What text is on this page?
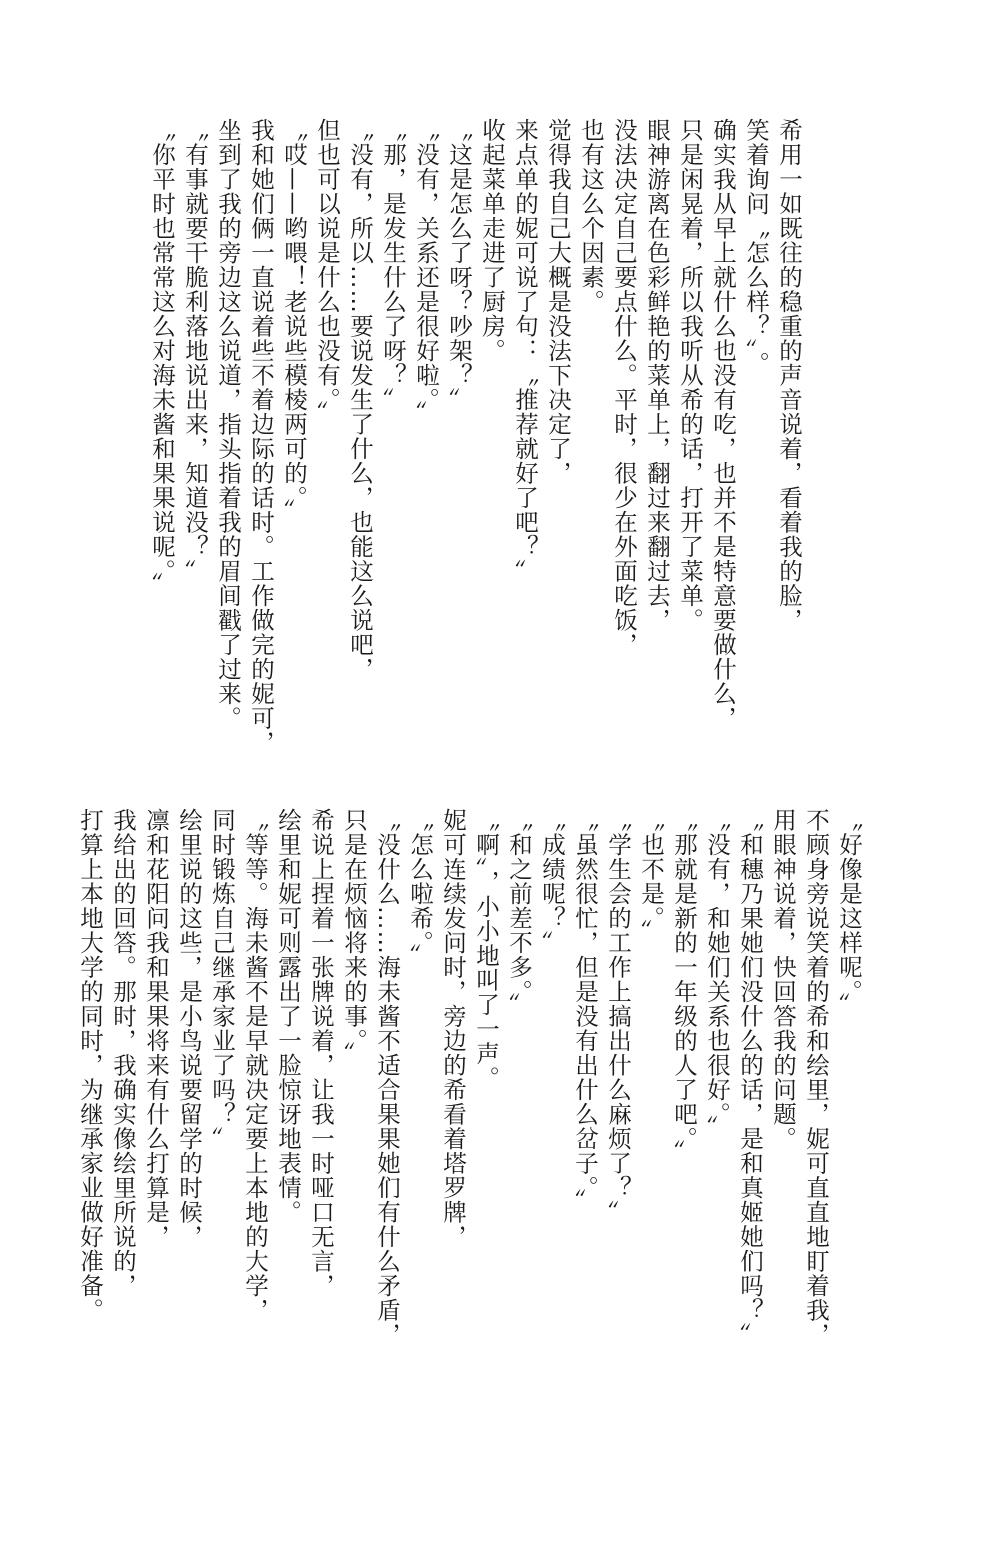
希用一如既往的稳重的声音说着，看着我的脸，
笑着询问〝怎么样？〞。
确实我从早上就什么也没有吃，也并不是特意要做什么，
只是闲晃着，所以我听从希的话，打开了菜单。
眼神游离在色彩鲜艳的菜单上，翻过来翻过去，
没法决定自己要点什么。平时，很少在外面吃饭，
也有这么个因素。
觉得我自己大概是没法下决定了，
来点单的妮可说了句：〝推荐就好了吧？〞
收起菜单走进了厨房。
〝这是怎么了呀？吵架？〞
〝没有，关系还是很好啦。〞
〝那，是发生什么了呀？〞
〝没有，所以……要说发生了什么，也能这么说吧，
但也可以说是什么也没有。〞
〝哎——哟喂！老说些模棱两可的。〞
我和她们俩一直说着些不着边际的话时。工作做完的妮可，
坐到了我的旁边这么说道，指头指着我的眉间戳了过来。
〝有事就要干脆利落地说出来，知道没？〞
〝你平时也常常这么对海未酱和果果说呢。〞
〝好像是这样呢。〞
不顾身旁说笑着的希和绘里，妮可直直地盯着我，
用眼神说着，快回答我的问题。
〝和穗乃果她们没什么的话，是和真姬她们吗？〞
〝没有，和她们关系也很好。〞
〝那就是新的一年级的人了吧。〞
〝也不是。〞
〝学生会的工作上搞出什么麻烦了？〞
〝虽然很忙，但是没有出什么岔子。〞
〝成绩呢？〞
〝和之前差不多。〞
〝啊〞，小小地叫了一声。
妮可连续发问时，旁边的希看着塔罗牌，
〝怎么啦希。〞
〝没什么……海未酱不适合果果她们有什么矛盾，
只是在烦恼将来的事。〞
希说上捏着一张牌说着，让我一时哑口无言，
绘里和妮可则露出了一脸惊讶地表情。
〝等等。海未酱不是早就决定要上本地的大学，
同时锻炼自己继承家业了吗？〞
绘里说的这些，是小鸟说要留学的时候，
凛和花阳问我和果果将来有什么打算是，
我给出的回答。那时，我确实像绘里所说的，
打算上本地大学的同时，为继承家业做好准备。
